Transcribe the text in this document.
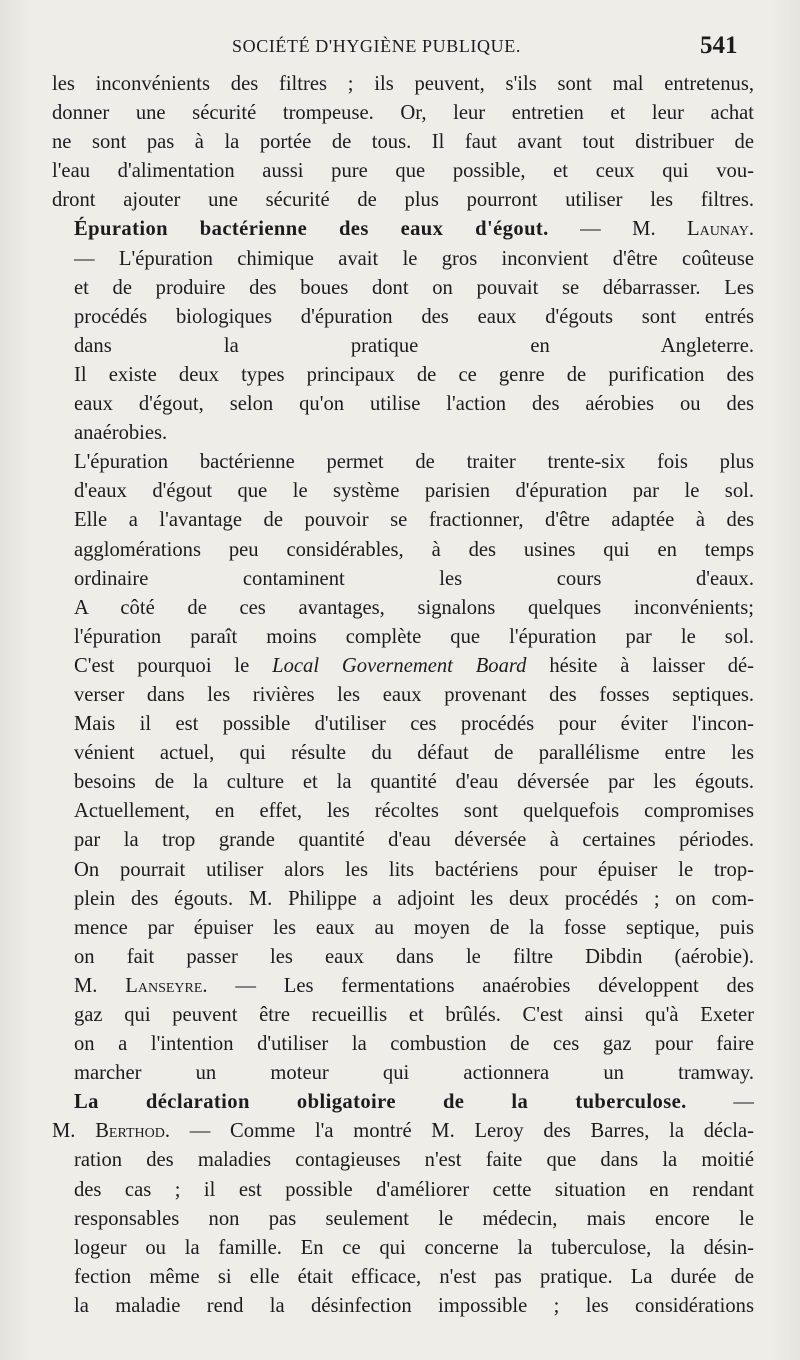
SOCIÉTÉ D'HYGIÈNE PUBLIQUE.	541

les inconvénients des filtres ; ils peuvent, s'ils sont mal entretenus,
donner une sécurité trompeuse. Or, leur entretien et leur achat
ne sont pas à la portée de tous. Il faut avant tout distribuer de
l'eau d'alimentation aussi pure que possible, et ceux qui vou-
dront ajouter une sécurité de plus pourront utiliser les filtres.

Épuration bactérienne des eaux d'égout. — M. Launay.
— L'épuration chimique avait le gros inconvient d'être coûteuse
et de produire des boues dont on pouvait se débarrasser. Les
procédés biologiques d'épuration des eaux d'égouts sont entrés
dans la pratique en Angleterre.

Il existe deux types principaux de ce genre de purification des
eaux d'égout, selon qu'on utilise l'action des aérobies ou des
anaérobies.

L'épuration bactérienne permet de traiter trente-six fois plus
d'eaux d'égout que le système parisien d'épuration par le sol.

Elle a l'avantage de pouvoir se fractionner, d'être adaptée à des
agglomérations peu considérables, à des usines qui en temps
ordinaire contaminent les cours d'eaux.

A côté de ces avantages, signalons quelques inconvénients;
l'épuration paraît moins complète que l'épuration par le sol.

C'est pourquoi le Local Governement Board hésite à laisser dé-
verser dans les rivières les eaux provenant des fosses septiques.

Mais il est possible d'utiliser ces procédés pour éviter l'incon-
vénient actuel, qui résulte du défaut de parallélisme entre les
besoins de la culture et la quantité d'eau déversée par les égouts.
Actuellement, en effet, les récoltes sont quelquefois compromises
par la trop grande quantité d'eau déversée à certaines périodes.
On pourrait utiliser alors les lits bactériens pour épuiser le trop-
plein des égouts. M. Philippe a adjoint les deux procédés ; on com-
mence par épuiser les eaux au moyen de la fosse septique, puis
on fait passer les eaux dans le filtre Dibdin (aérobie).

M. Lanseyre. — Les fermentations anaérobies développent des
gaz qui peuvent être recueillis et brûlés. C'est ainsi qu'à Exeter
on a l'intention d'utiliser la combustion de ces gaz pour faire
marcher un moteur qui actionnera un tramway.

La déclaration obligatoire de la tuberculose. —
M. Berthod. — Comme l'a montré M. Leroy des Barres, la décla-
ration des maladies contagieuses n'est faite que dans la moitié
des cas ; il est possible d'améliorer cette situation en rendant
responsables non pas seulement le médecin, mais encore le
logeur ou la famille. En ce qui concerne la tuberculose, la désin-
fection même si elle était efficace, n'est pas pratique. La durée de
la maladie rend la désinfection impossible ; les considérations
